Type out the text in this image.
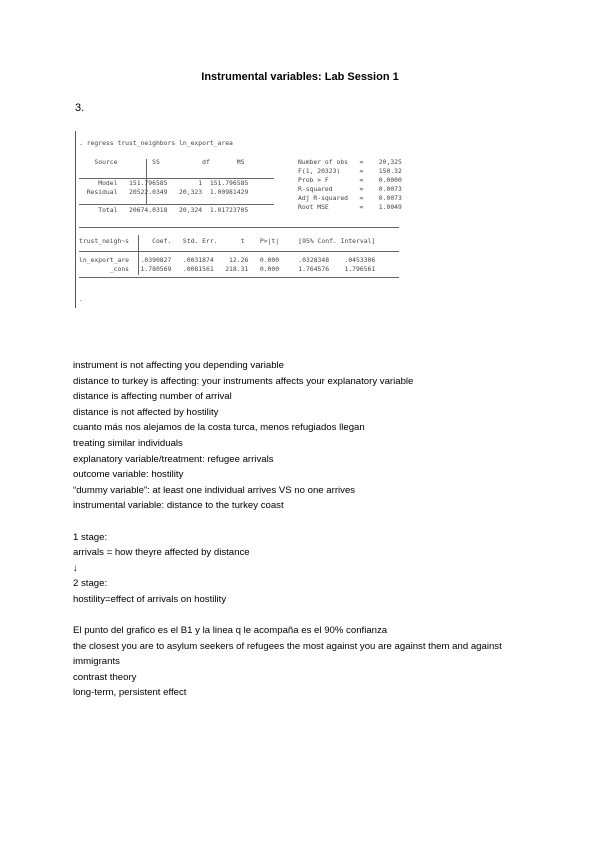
Instrumental variables: Lab Session 1
3.
. regress trust_neighbors ln_export_area
Source         SS           df       MS
Model   151.796585        1  151.796585
Residual   20522.0349   20,323  1.00981429
Total   20674.0318   20,324  1.01723705
Number of obs   =    20,325
F(1, 20323)     =    150.32
Prob > F        =    0.0000
R-squared       =    0.0073
Adj R-squared   =    0.0073
Root MSE        =    1.0049
trust_neigh~s      Coef.   Std. Err.      t    P>|t|     [95% Conf. Interval]
ln_export_are   .0390827   .0031874    12.26   0.000     .0328348    .0453306
_cons   1.780569   .0081561   218.31   0.000     1.764576    1.796561
.
instrument is not affecting you depending variable
distance to turkey is affecting: your instruments affects your explanatory variable
distance is affecting number of arrival
distance is not affected by hostility
cuanto más nos alejamos de la costa turca, menos refugiados llegan
treating similar individuals
explanatory variable/treatment: refugee arrivals
outcome variable: hostility
“dummy variable”: at least one individual arrives VS no one arrives
instrumental variable: distance to the turkey coast
1 stage:
arrivals = how theyre affected by distance
↓
2 stage:
hostility=effect of arrivals on hostility
El punto del grafico es el B1 y la linea q le acompaña es el 90% confianza
the closest you are to asylum seekers of refugees the most against you are against them and against immigrants
contrast theory
long-term, persistent effect
